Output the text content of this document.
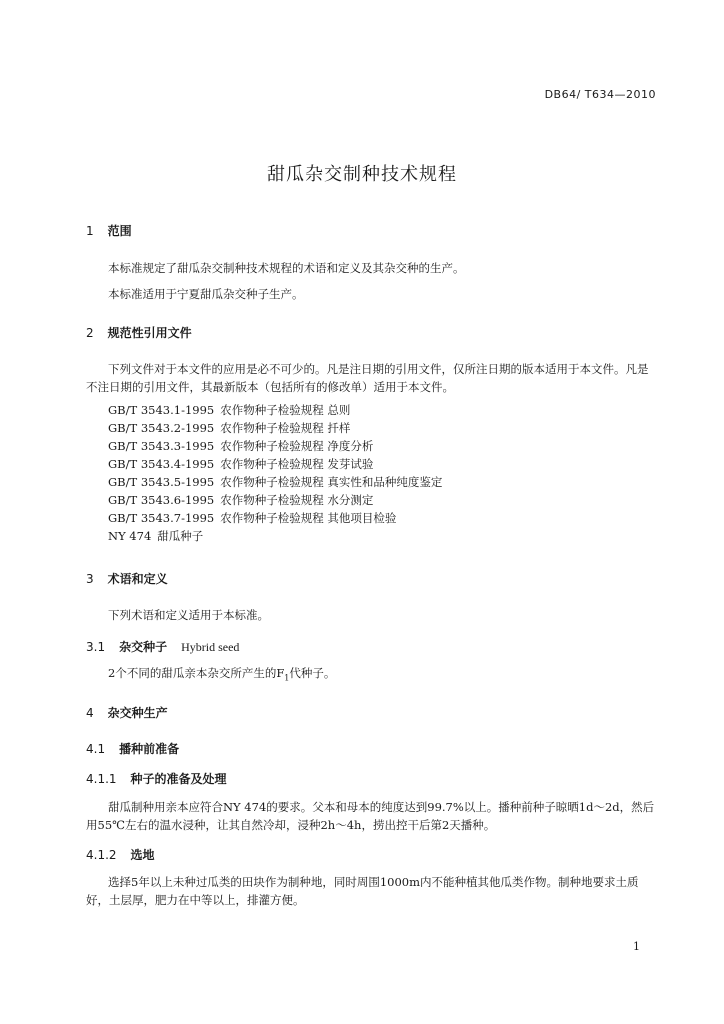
DB64/ T634—2010
甜瓜杂交制种技术规程
1 范围
本标准规定了甜瓜杂交制种技术规程的术语和定义及其杂交种的生产。
本标准适用于宁夏甜瓜杂交种子生产。
2 规范性引用文件
下列文件对于本文件的应用是必不可少的。凡是注日期的引用文件，仅所注日期的版本适用于本文件。凡是不注日期的引用文件，其最新版本（包括所有的修改单）适用于本文件。
GB/T 3543.1-1995 农作物种子检验规程 总则
GB/T 3543.2-1995 农作物种子检验规程 扦样
GB/T 3543.3-1995 农作物种子检验规程 净度分析
GB/T 3543.4-1995 农作物种子检验规程 发芽试验
GB/T 3543.5-1995 农作物种子检验规程 真实性和品种纯度鉴定
GB/T 3543.6-1995 农作物种子检验规程 水分测定
GB/T 3543.7-1995 农作物种子检验规程 其他项目检验
NY 474 甜瓜种子
3 术语和定义
下列术语和定义适用于本标准。
3.1 杂交种子 Hybrid seed
2个不同的甜瓜亲本杂交所产生的$F_1$代种子。
4 杂交种生产
4.1 播种前准备
4.1.1 种子的准备及处理
甜瓜制种用亲本应符合NY 474的要求。父本和母本的纯度达到99.7%以上。播种前种子晾晒1d～2d，然后用55℃左右的温水浸种，让其自然冷却，浸种2h～4h，捞出控干后第2天播种。
4.1.2 选地
选择5年以上未种过瓜类的田块作为制种地，同时周围1000m内不能种植其他瓜类作物。制种地要求土质好，土层厚，肥力在中等以上，排灌方便。
1
